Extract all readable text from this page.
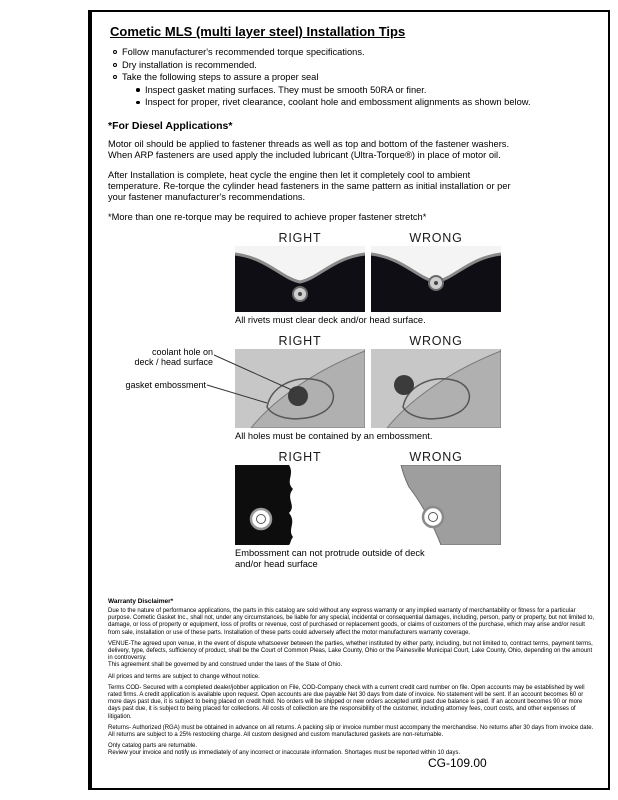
Cometic MLS (multi layer steel) Installation Tips
Follow manufacturer's recommended torque specifications.
Dry installation is recommended.
Take the following steps to assure a proper seal
Inspect gasket mating surfaces. They must be smooth 50RA or finer.
Inspect for proper, rivet clearance, coolant hole and embossment alignments as shown below.
*For Diesel Applications*
Motor oil should be applied to fastener threads as well as top and bottom of the fastener washers. When ARP fasteners are used apply the included lubricant (Ultra-Torque®) in place of motor oil.
After Installation is complete, heat cycle the engine then let it completely cool to ambient temperature. Re-torque the cylinder head fasteners in the same pattern as initial installation or per your fastener manufacturer's recommendations.
*More than one re-torque may be required to achieve proper fastener stretch*
RIGHT	WRONG
All rivets must clear deck and/or head surface.
coolant hole on
deck / head surface
gasket embossment
RIGHT	WRONG
All holes must be contained by an embossment.
RIGHT	WRONG
Embossment can not protrude outside of deck
and/or head surface
Warranty Disclaimer*
Due to the nature of performance applications, the parts in this catalog are sold without any express warranty or any implied warranty of merchantability or fitness for a particular purpose. Cometic Gasket Inc., shall not, under any circumstances, be liable for any special, incidental or consequential damages, including, person, party or property, but not limited to, damage, or loss of property or equipment, loss of profits or revenue, cost of purchased or replacement goods, or claims of customers of the purchase, which may arise and/or result from sale, installation or use of these parts. Installation of these parts could adversely affect the motor manufacturers warranty coverage.
VENUE-The agreed upon venue, in the event of dispute whatsoever between the parties, whether instituted by either party, including, but not limited to, contract terms, payment terms, delivery, type, defects, sufficiency of product, shall be the Court of Common Pleas, Lake County, Ohio or the Painesville Municipal Court, Lake County, Ohio, depending on the amount in controversy.
This agreement shall be governed by and construed under the laws of the State of Ohio.
All prices and terms are subject to change without notice.
Terms COD- Secured with a completed dealer/jobber application on File, COD-Company check with a current credit card number on file. Open accounts may be established by well rated firms. A credit application is available upon request. Open accounts are due payable Net 30 days from date of invoice. No statement will be sent. If an account becomes 60 or more days past due, it is subject to being placed on credit hold. No orders will be shipped or new orders accepted until past due balance is paid. If an account becomes 90 or more days past due, it is subject to being placed for collections. All costs of collection are the responsibility of the customer, including attorney fees, court costs, and other expenses of litigation.
Returns- Authorized (RGA) must be obtained in advance on all returns. A packing slip or invoice number must accompany the merchandise. No returns after 30 days from invoice date. All returns are subject to a 25% restocking charge. All custom designed and custom manufactured gaskets are non-returnable.
Only catalog parts are returnable.
Review your invoice and notify us immediately of any incorrect or inaccurate information. Shortages must be reported within 10 days.
CG-109.00
